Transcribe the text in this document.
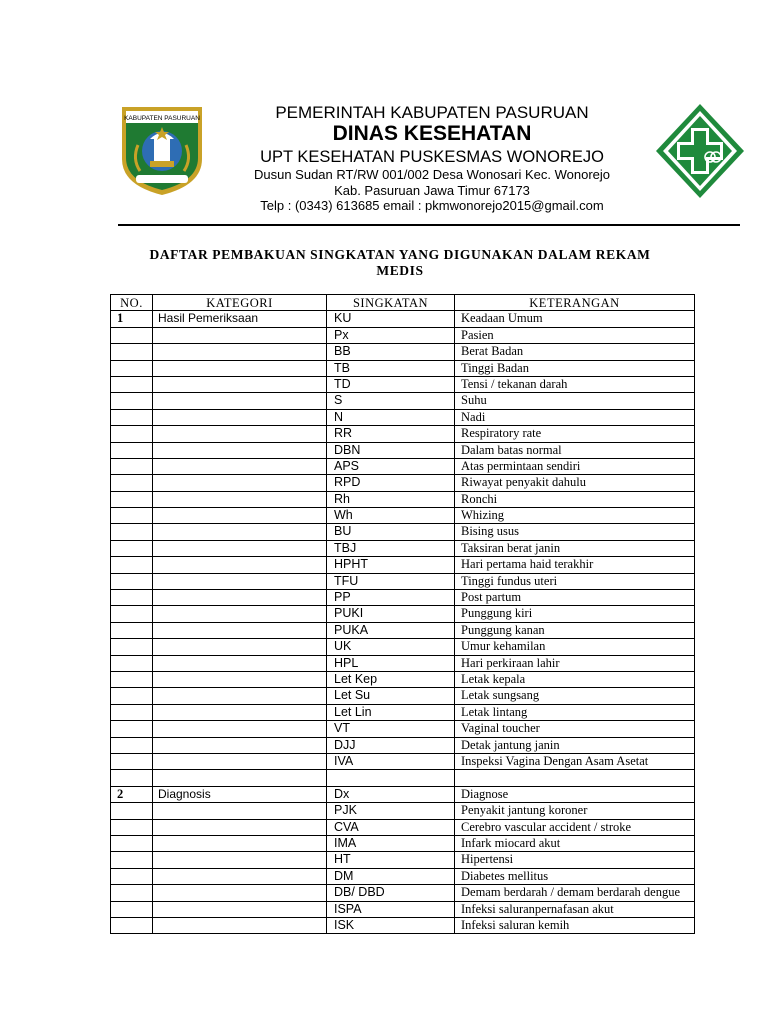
KABUPATEN PASURUAN	PEMERINTAH KABUPATEN PASURUAN
DINAS KESEHATAN
UPT KESEHATAN PUSKESMAS WONOREJO
Dusun Sudan RT/RW 001/002 Desa Wonosari Kec. Wonorejo
Kab. Pasuruan Jawa Timur 67173
Telp : (0343) 613685 email : pkmwonorejo2015@gmail.com
DAFTAR PEMBAKUAN SINGKATAN YANG DIGUNAKAN DALAM REKAM
MEDIS
NO.	KATEGORI	SINGKATAN	KETERANGAN
1	Hasil Pemeriksaan	KU	Keadaan Umum
		Px	Pasien
		BB	Berat Badan
		TB	Tinggi Badan
		TD	Tensi / tekanan darah
		S	Suhu
		N	Nadi
		RR	Respiratory rate
		DBN	Dalam batas normal
		APS	Atas permintaan sendiri
		RPD	Riwayat penyakit dahulu
		Rh	Ronchi
		Wh	Whizing
		BU	Bising usus
		TBJ	Taksiran berat janin
		HPHT	Hari pertama haid terakhir
		TFU	Tinggi fundus uteri
		PP	Post partum
		PUKI	Punggung kiri
		PUKA	Punggung kanan
		UK	Umur kehamilan
		HPL	Hari perkiraan lahir
		Let Kep	Letak kepala
		Let Su	Letak sungsang
		Let Lin	Letak lintang
		VT	Vaginal toucher
		DJJ	Detak jantung janin
		IVA	Inspeksi Vagina Dengan Asam Asetat

2	Diagnosis	Dx	Diagnose
		PJK	Penyakit jantung koroner
		CVA	Cerebro vascular accident / stroke
		IMA	Infark miocard akut
		HT	Hipertensi
		DM	Diabetes mellitus
		DB/ DBD	Demam berdarah / demam berdarah dengue
		ISPA	Infeksi saluranpernafasan akut
		ISK	Infeksi saluran kemih
